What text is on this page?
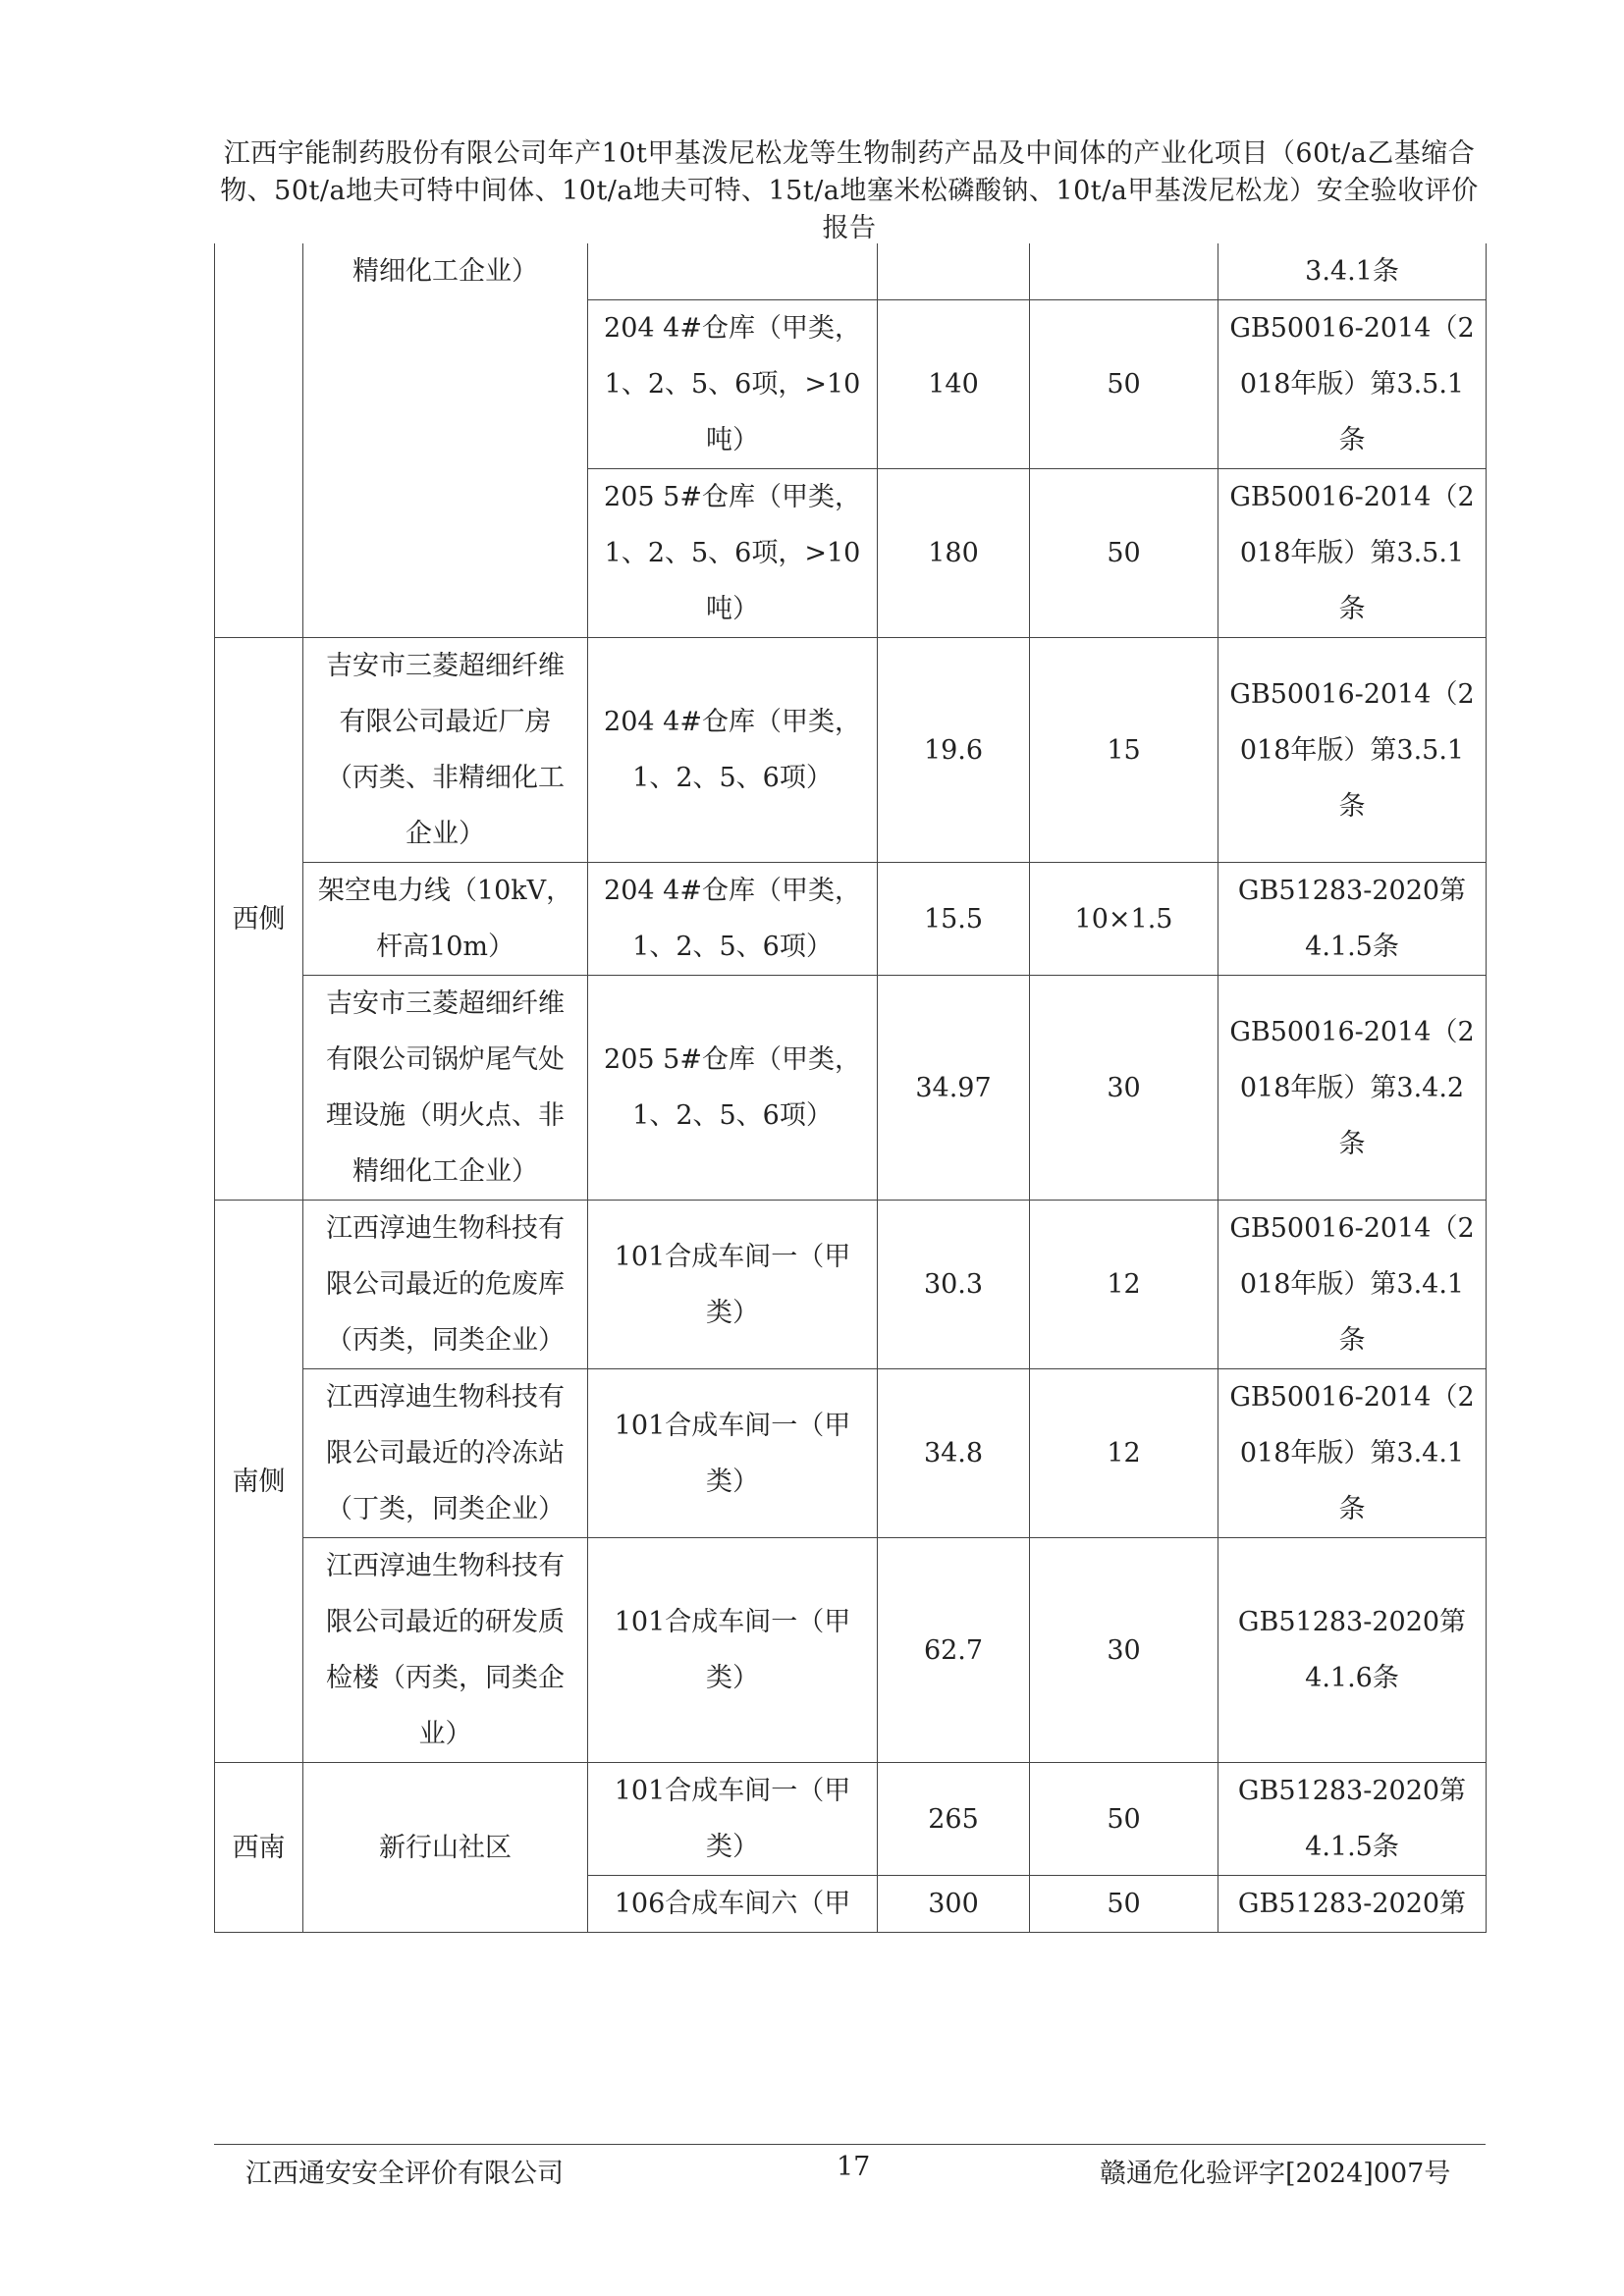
江西宇能制药股份有限公司年产10t甲基泼尼松龙等生物制药产品及中间体的产业化项目（60t/a乙基缩合物、50t/a地夫可特中间体、10t/a地夫可特、15t/a地塞米松磷酸钠、10t/a甲基泼尼松龙）安全验收评价报告
	精细化工企业）				3.4.1条
		204 4#仓库（甲类，1、2、5、6项，>10吨）	140	50	GB50016-2014（2018年版）第3.5.1条
		205 5#仓库（甲类，1、2、5、6项，>10吨）	180	50	GB50016-2014（2018年版）第3.5.1条
西侧	吉安市三菱超细纤维有限公司最近厂房（丙类、非精细化工企业）	204 4#仓库（甲类，1、2、5、6项）	19.6	15	GB50016-2014（2018年版）第3.5.1条
	架空电力线（10kV，杆高10m）	204 4#仓库（甲类，1、2、5、6项）	15.5	10×1.5	GB51283-2020第4.1.5条
	吉安市三菱超细纤维有限公司锅炉尾气处理设施（明火点、非精细化工企业）	205 5#仓库（甲类，1、2、5、6项）	34.97	30	GB50016-2014（2018年版）第3.4.2条
南侧	江西淳迪生物科技有限公司最近的危废库（丙类，同类企业）	101合成车间一（甲类）	30.3	12	GB50016-2014（2018年版）第3.4.1条
	江西淳迪生物科技有限公司最近的冷冻站（丁类，同类企业）	101合成车间一（甲类）	34.8	12	GB50016-2014（2018年版）第3.4.1条
	江西淳迪生物科技有限公司最近的研发质检楼（丙类，同类企业）	101合成车间一（甲类）	62.7	30	GB51283-2020第4.1.6条
西南	新行山社区	101合成车间一（甲类）	265	50	GB51283-2020第4.1.5条
		106合成车间六（甲	300	50	GB51283-2020第
江西通安安全评价有限公司	17	赣通危化验评字[2024]007号
